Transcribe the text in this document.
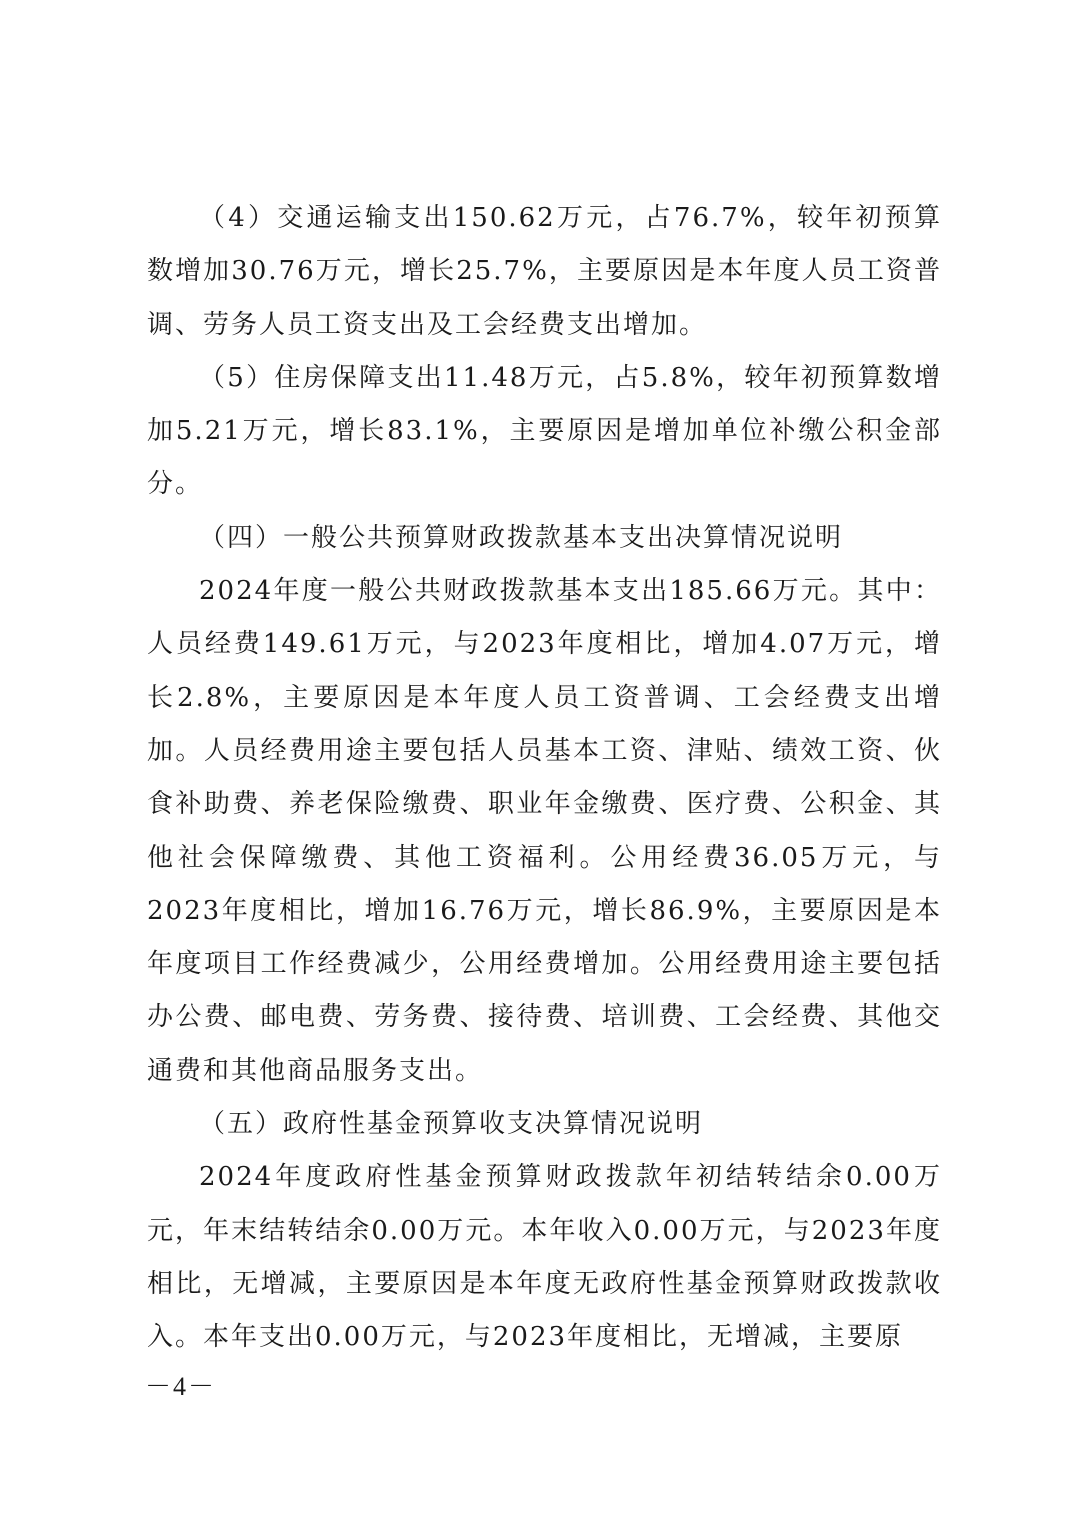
（4）交通运输支出150.62万元，占76.7%，较年初预算数增加30.76万元，增长25.7%，主要原因是本年度人员工资普调、劳务人员工资支出及工会经费支出增加。

（5）住房保障支出11.48万元，占5.8%，较年初预算数增加5.21万元，增长83.1%，主要原因是增加单位补缴公积金部分。

（四）一般公共预算财政拨款基本支出决算情况说明

2024年度一般公共财政拨款基本支出185.66万元。其中：人员经费149.61万元，与2023年度相比，增加4.07万元，增长2.8%，主要原因是本年度人员工资普调、工会经费支出增加。人员经费用途主要包括人员基本工资、津贴、绩效工资、伙食补助费、养老保险缴费、职业年金缴费、医疗费、公积金、其他社会保障缴费、其他工资福利。公用经费36.05万元，与2023年度相比，增加16.76万元，增长86.9%，主要原因是本年度项目工作经费减少，公用经费增加。公用经费用途主要包括办公费、邮电费、劳务费、接待费、培训费、工会经费、其他交通费和其他商品服务支出。

（五）政府性基金预算收支决算情况说明

2024年度政府性基金预算财政拨款年初结转结余0.00万元，年末结转结余0.00万元。本年收入0.00万元，与2023年度相比，无增减，主要原因是本年度无政府性基金预算财政拨款收入。本年支出0.00万元，与2023年度相比，无增减，主要原

－4－
